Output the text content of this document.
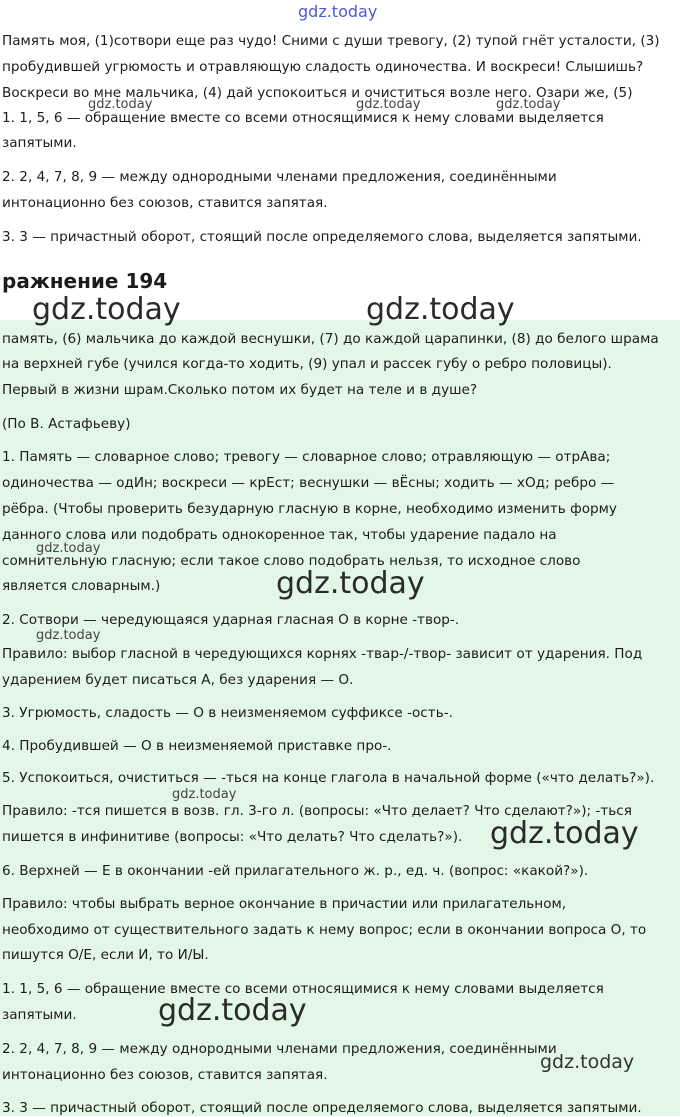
gdz.today
Память моя, (1)сотвори еще раз чудо! Сними с души тревогу, (2) тупой гнёт усталости, (3)
пробудившей угрюмость и отравляющую сладость одиночества. И воскреси! Слышишь?
Воскреси во мне мальчика, (4) дай успокоиться и очиститься возле него. Озари же, (5)
1. 1, 5, 6 — обращение вместе со всеми относящимися к нему словами выделяется
запятыми.
2. 2, 4, 7, 8, 9 — между однородными членами предложения, соединёнными
интонационно без союзов, ставится запятая.
3. 3 — причастный оборот, стоящий после определяемого слова, выделяется запятыми.
ражнение 194
память, (6) мальчика до каждой веснушки, (7) до каждой царапинки, (8) до белого шрама
на верхней губе (учился когда-то ходить, (9) упал и рассек губу о ребро половицы).
Первый в жизни шрам.Сколько потом их будет на теле и в душе?
(По В. Астафьеву)
1. Память — словарное слово; тревогу — словарное слово; отравляющую — отрАва;
одиночества — одИн; воскреси — крЕст; веснушки — вЁсны; ходить — хОд; ребро —
рёбра. (Чтобы проверить безударную гласную в корне, необходимо изменить форму
данного слова или подобрать однокоренное так, чтобы ударение падало на
сомнительную гласную; если такое слово подобрать нельзя, то исходное слово
является словарным.)
2. Сотвори — чередующаяся ударная гласная О в корне -твор-.
Правило: выбор гласной в чередующихся корнях -твар-/-твор- зависит от ударения. Под
ударением будет писаться А, без ударения — О.
3. Угрюмость, сладость — О в неизменяемом суффиксе -ость-.
4. Пробудившей — О в неизменяемой приставке про-.
5. Успокоиться, очиститься — -ться на конце глагола в начальной форме («что делать?»).
Правило: -тся пишется в возв. гл. 3-го л. (вопросы: «Что делает? Что сделают?»); -ться
пишется в инфинитиве (вопросы: «Что делать? Что сделать?»).
6. Верхней — Е в окончании -ей прилагательного ж. р., ед. ч. (вопрос: «какой?»).
Правило: чтобы выбрать верное окончание в причастии или прилагательном,
необходимо от существительного задать к нему вопрос; если в окончании вопроса О, то
пишутся О/Е, если И, то И/Ы.
1. 1, 5, 6 — обращение вместе со всеми относящимися к нему словами выделяется
запятыми.
2. 2, 4, 7, 8, 9 — между однородными членами предложения, соединёнными
интонационно без союзов, ставится запятая.
3. 3 — причастный оборот, стоящий после определяемого слова, выделяется запятыми.
gdz.today	gdz.today	gdz.today
gdz.today	gdz.today
gdz.today
gdz.today
gdz.today
gdz.today
gdz.today
gdz.today
gdz.today
